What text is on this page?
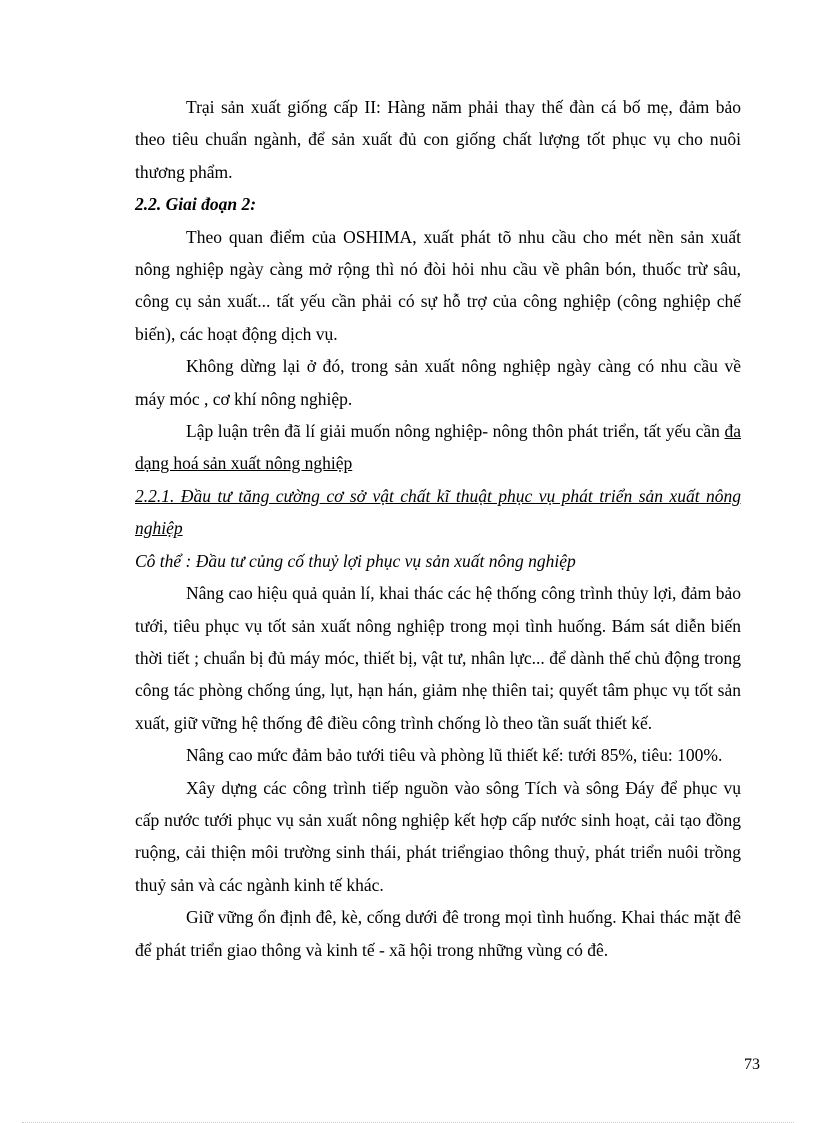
Trại sản xuất giống cấp II: Hàng năm phải thay thế đàn cá bố mẹ, đảm bảo theo tiêu chuẩn ngành, để sản xuất đủ con giống chất lượng tốt phục vụ cho nuôi thương phẩm.

2.2. Giai đoạn 2:

Theo quan điểm của OSHIMA, xuất phát tõ nhu cầu cho mét nền sản xuất nông nghiệp ngày càng mở rộng thì nó đòi hỏi nhu cầu về phân bón, thuốc trừ sâu, công cụ sản xuất... tất yếu cần phải có sự hỗ trợ của công nghiệp (công nghiệp chế biến), các hoạt động dịch vụ.

Không dừng lại ở đó, trong sản xuất nông nghiệp ngày càng có nhu cầu về máy móc , cơ khí nông nghiệp.

Lập luận trên đã lí giải muốn nông nghiệp- nông thôn phát triển, tất yếu cần đa dạng hoá sản xuất nông nghiệp

2.2.1. Đầu tư tăng cường cơ sở vật chất kĩ thuật phục vụ phát triển sản xuất nông nghiệp

Cô thể : Đầu tư củng cố thuỷ lợi phục vụ sản xuất nông nghiệp

Nâng cao hiệu quả quản lí, khai thác các hệ thống công trình thủy lợi, đảm bảo tưới, tiêu phục vụ tốt sản xuất nông nghiệp trong mọi tình huống. Bám sát diễn biến thời tiết ; chuẩn bị đủ máy móc, thiết bị, vật tư, nhân lực... để dành thế chủ động trong công tác phòng chống úng, lụt, hạn hán, giảm nhẹ thiên tai; quyết tâm phục vụ tốt sản xuất, giữ vững hệ thống đê điều công trình chống lò theo tần suất thiết kế.

Nâng cao mức đảm bảo tưới tiêu và phòng lũ thiết kế: tưới 85%, tiêu: 100%.

Xây dựng các công trình tiếp nguồn vào sông Tích và sông Đáy để phục vụ cấp nước tưới phục vụ sản xuất nông nghiệp kết hợp cấp nước sinh hoạt, cải tạo đồng ruộng, cải thiện môi trường sinh thái, phát triểngiao thông thuỷ, phát triển nuôi trồng thuỷ sản và các ngành kinh tế khác.

Giữ vững ổn định đê, kè, cống dưới đê trong mọi tình huống. Khai thác mặt đê để phát triển giao thông và kinh tế - xã hội trong những vùng có đê.

73
